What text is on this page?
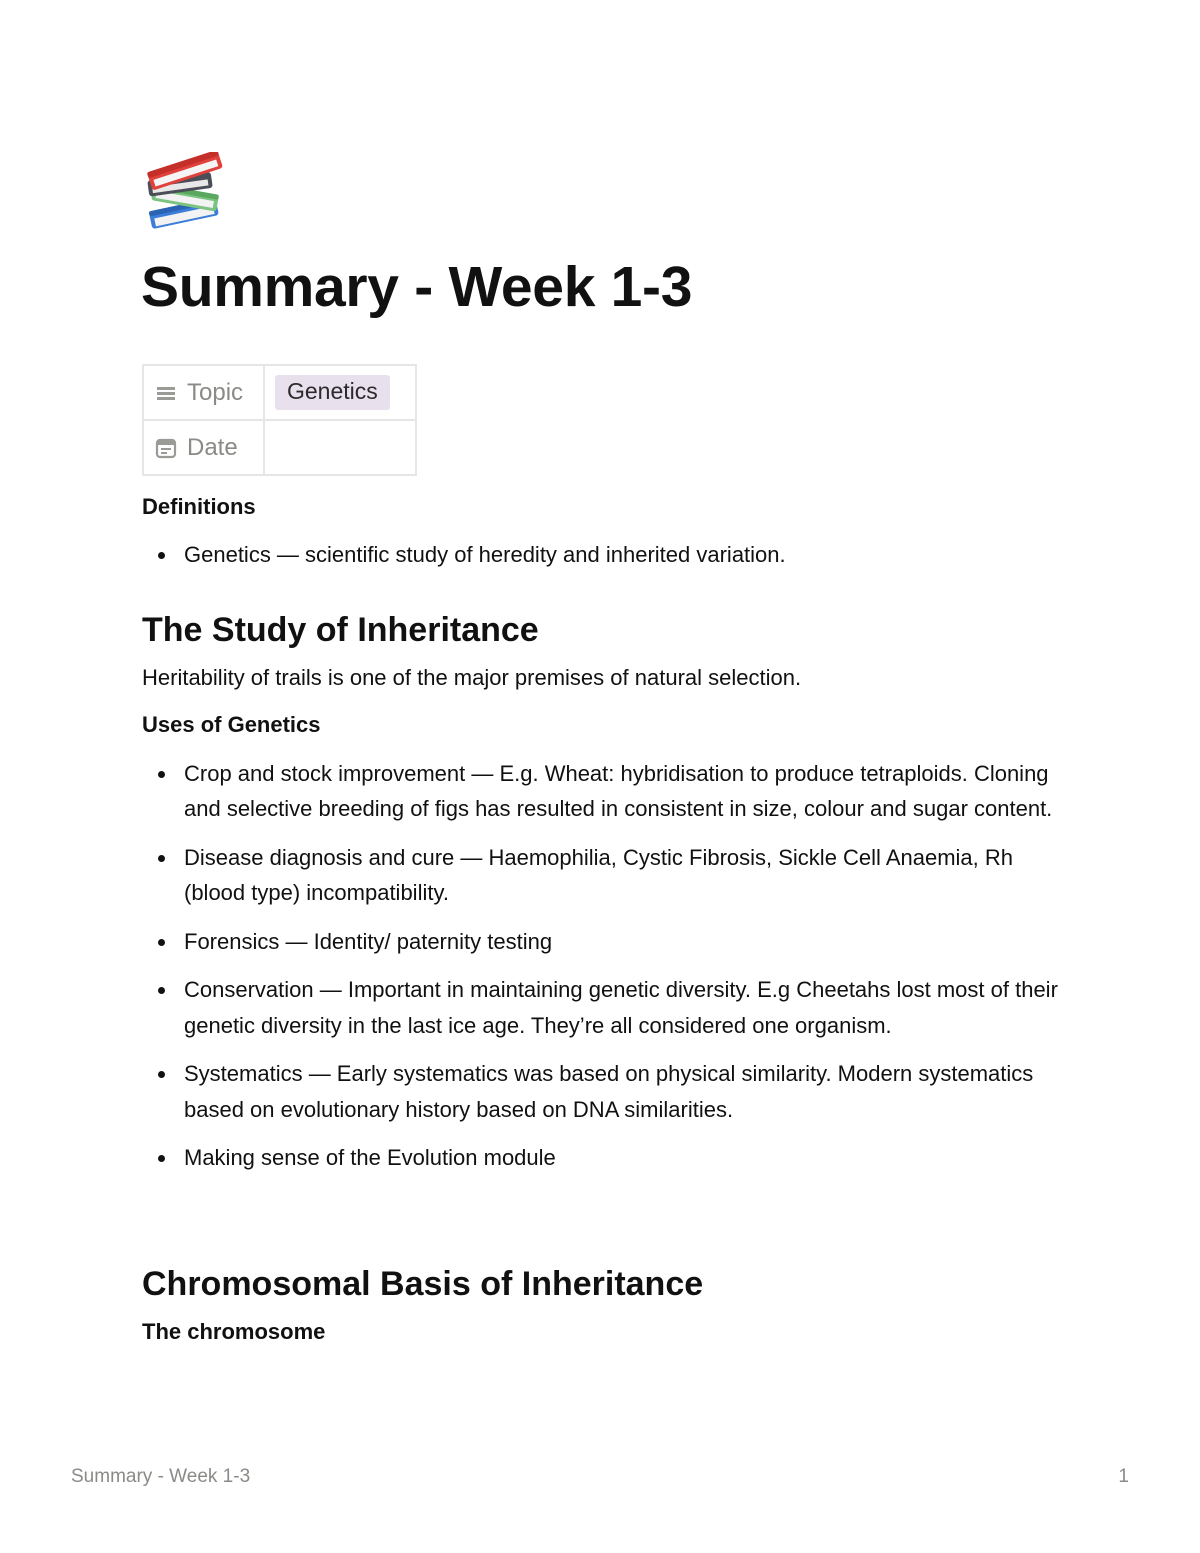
Summary - Week 1-3
Topic	Genetics

Date	

Definitions

Genetics — scientific study of heredity and inherited variation.
The Study of Inheritance

Heritability of trails is one of the major premises of natural selection.

Uses of Genetics

Crop and stock improvement — E.g. Wheat: hybridisation to produce tetraploids. Cloning and selective breeding of figs has resulted in consistent in size, colour and sugar content.
Disease diagnosis and cure — Haemophilia, Cystic Fibrosis, Sickle Cell Anaemia, Rh (blood type) incompatibility.
Forensics — Identity/ paternity testing
Conservation — Important in maintaining genetic diversity. E.g Cheetahs lost most of their genetic diversity in the last ice age. They’re all considered one organism.
Systematics — Early systematics was based on physical similarity. Modern systematics based on evolutionary history based on DNA similarities.
Making sense of the Evolution module
Chromosomal Basis of Inheritance

The chromosome

Summary - Week 1-3	1
